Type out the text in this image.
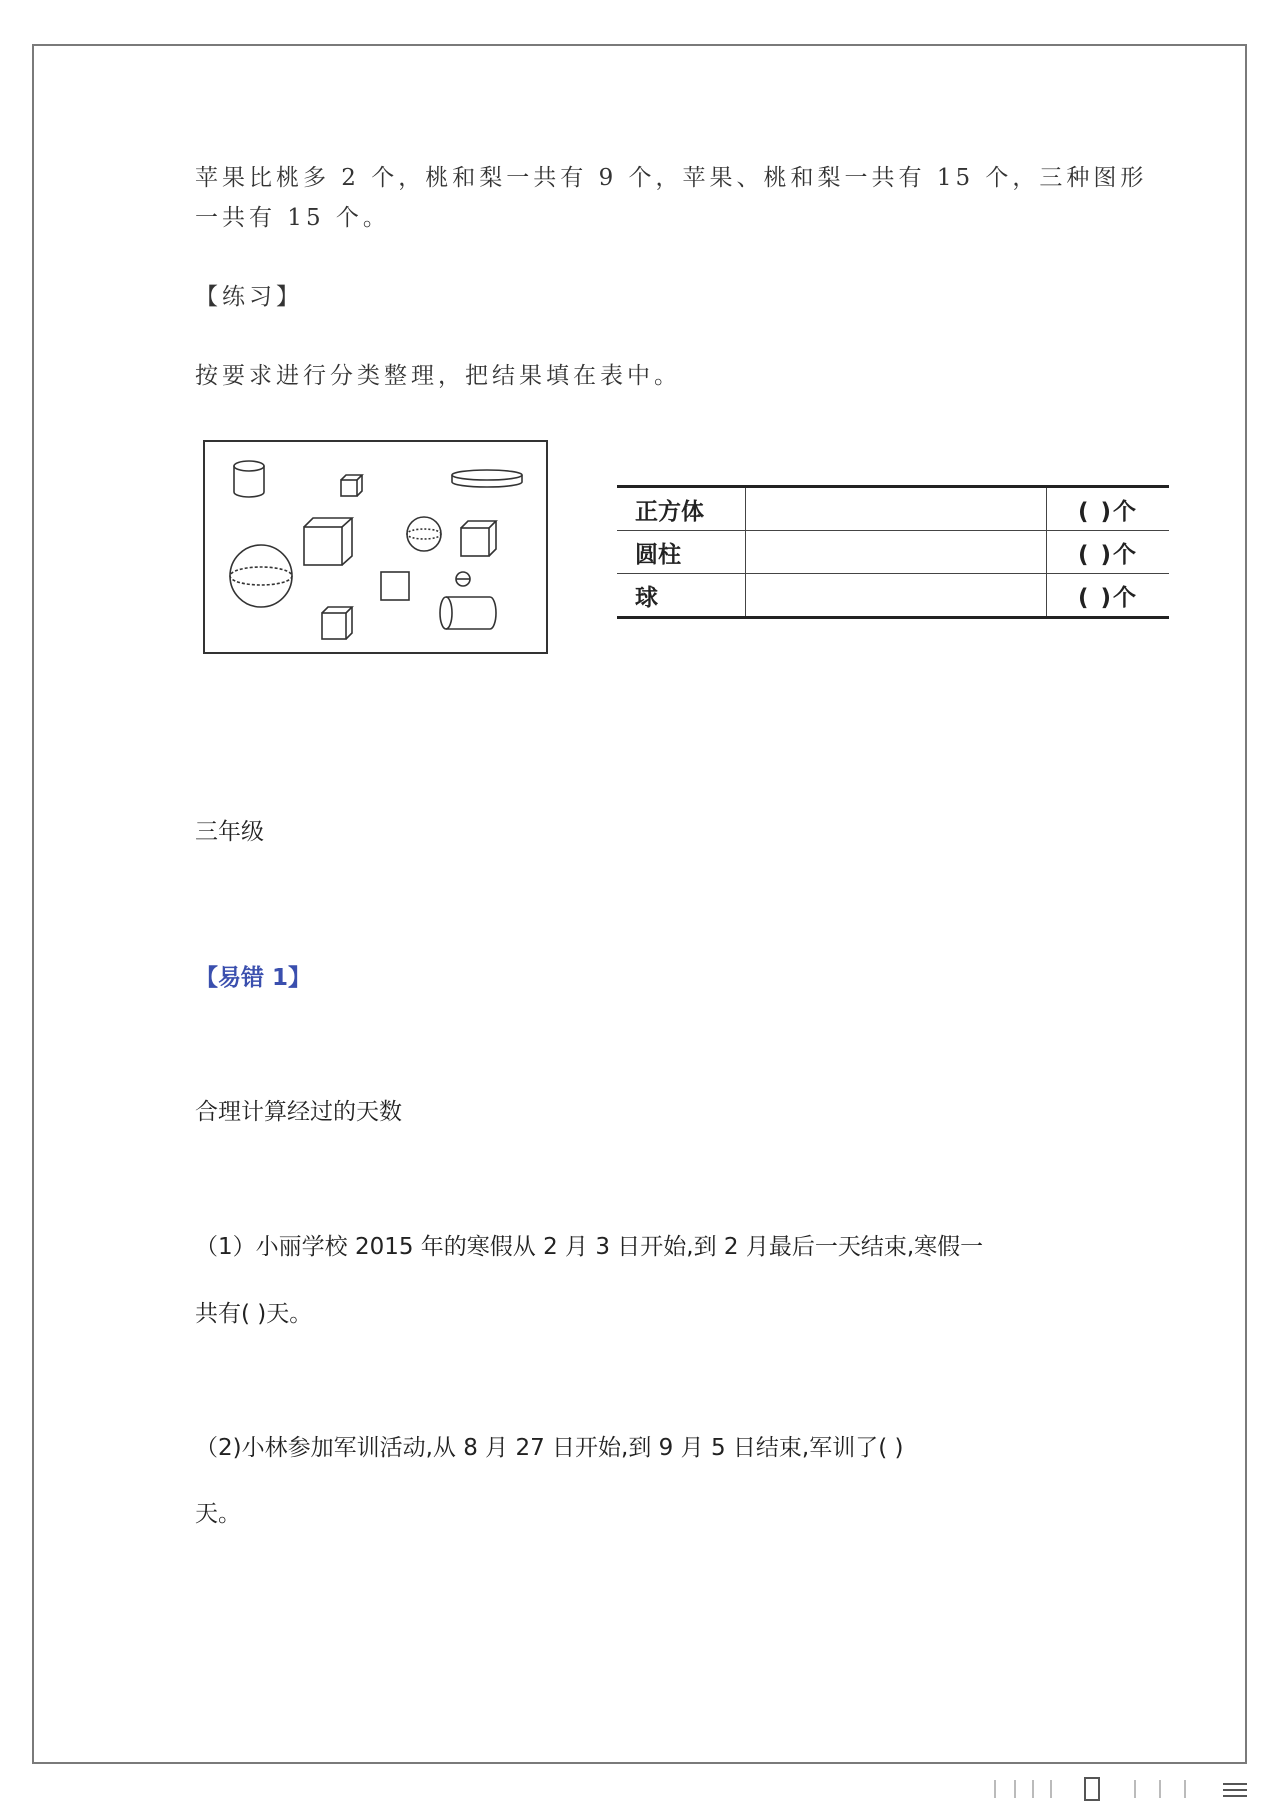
苹果比桃多 2 个，桃和梨一共有 9 个，苹果、桃和梨一共有 15 个，三种图形
一共有 15 个。
【练习】
按要求进行分类整理，把结果填在表中。
正方体		( )个
圆柱		( )个
球		( )个
三年级
【易错 1】
合理计算经过的天数
（1）小丽学校 2015 年的寒假从 2 月 3 日开始,到 2 月最后一天结束,寒假一
共有( )天。
（2)小林参加军训活动,从 8 月 27 日开始,到 9 月 5 日结束,军训了( )
天。
